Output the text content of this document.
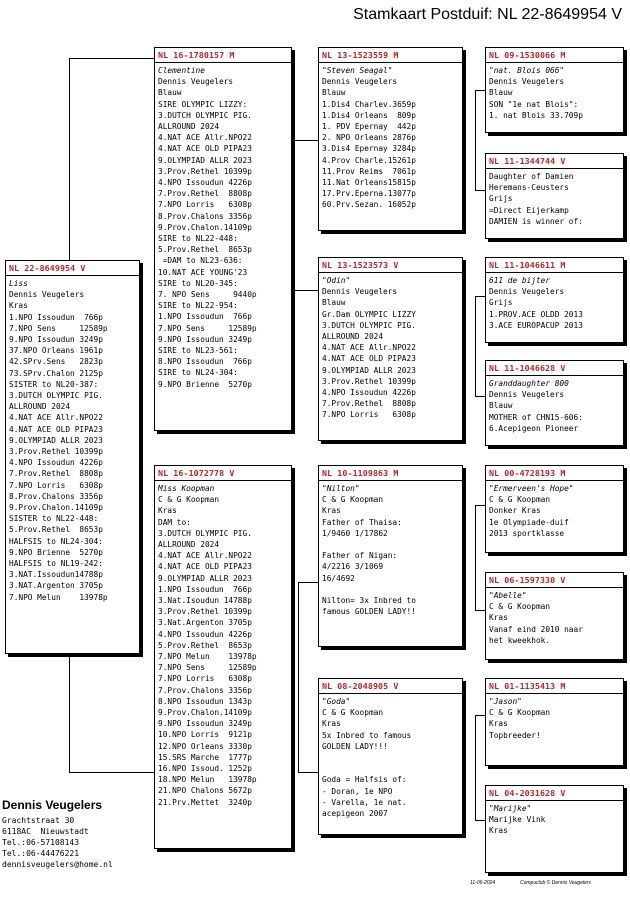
Stamkaart Postduif: NL 22-8649954 V
NL 22-8649954 V
Liss
Dennis Veugelers
Kras
1.NPO Issoudun  766p
7.NPO Sens     12589p
9.NPO Issoudun 3249p
37.NPO Orleans 1961p
42.SPrv.Sens   2823p
73.SPrv.Chalon 2125p
SISTER to NL20-387:
3.DUTCH OLYMPIC PIG.
ALLROUND 2024
4.NAT ACE Allr.NPO22
4.NAT ACE OLD PIPA23
9.OLYMPIAD ALLR 2023
3.Prov.Rethel 10399p
4.NPO Issoudun 4226p
7.Prov.Rethel  8808p
7.NPO Lorris   6308p
8.Prov.Chalons 3356p
9.Prov.Chalon.14109p
SISTER to NL22-448:
5.Prov.Rethel  8653p
HALFSIS to NL24-304:
9.NPO Brienne  5270p
HALFSIS to NL19-242:
3.NAT.Issoudun14788p
3.NAT.Argenton 3705p
7.NPO Melun    13978p
NL 16-1780157 M
Clementine
Dennis Veugelers
Blauw
SIRE OLYMPIC LIZZY:
3.DUTCH OLYMPIC PIG.
ALLROUND 2024
4.NAT ACE Allr.NPO22
4.NAT ACE OLD PIPA23
9.OLYMPIAD ALLR 2023
3.Prov.Rethel 10399p
4.NPO Issoudun 4226p
7.Prov.Rethel  8808p
7.NPO Lorris   6308p
8.Prov.Chalons 3356p
9.Prov.Chalon.14109p
SIRE to NL22-448:
5.Prov.Rethel  8653p
=DAM to NL23-636:
10.NAT ACE YOUNG'23
SIRE to NL20-345:
7. NPO Sens     9440p
SIRE to NL22-954:
1.NPO Issoudun  766p
7.NPO Sens     12589p
9.NPO Issoudun 3249p
SIRE to NL23-561:
8.NPO Issoudun  766p
SIRE to NL24-304:
9.NPO Brienne  5270p
NL 16-1072778 V
Miss Koopman
C & G Koopman
Kras
DAM to:
3.DUTCH OLYMPIC PIG.
ALLROUND 2024
4.NAT ACE Allr.NPO22
4.NAT ACE OLD PIPA23
9.OLYMPIAD ALLR 2023
1.NPO Issoudun  766p
3.Nat.Isoudun 14788p
3.Prov.Rethel 10399p
3.Nat.Argenton 3705p
4.NPO Issoudun 4226p
5.Prov.Rethel  8653p
7.NPO Melun    13978p
7.NPO Sens     12589p
7.NPO Lorris   6308p
7.Prov.Chalons 3356p
8.NPO Issoudun 1343p
9.Prov.Chalon.14109p
9.NPO Issoudun 3249p
10.NPO Lorris  9121p
12.NPO Orleans 3330p
15.SRS Marche  1777p
16.NPO Issoud. 1252p
18.NPO Melun   13978p
21.NPO Chalons 5672p
21.Prv.Mettet  3240p
NL 13-1523559 M
"Steven Seagal"
Dennis Veugelers
Blauw
1.Dis4 Charlev.3659p
1.Dis4 Orleans  809p
1. PDV Epernay  442p
2. NPO Orleans 2876p
3.Dis4 Epernay 3284p
4.Prov Charle.15261p
11.Prov Reims  7061p
11.Nat Orleans15815p
17.Prv.Eperna.13077p
60.Prv.Sezan. 16052p
NL 13-1523573 V
"Odin"
Dennis Veugelers
Blauw
Gr.Dam OLYMPIC LIZZY
3.DUTCH OLYMPIC PIG.
ALLROUND 2024
4.NAT ACE Allr.NPO22
4.NAT ACE OLD PIPA23
9.OLYMPIAD ALLR 2023
3.Prov.Rethel 10399p
4.NPO Issoudun 4226p
7.Prov.Rethel  8808p
7.NPO Lorris   6308p
NL 10-1109863 M
"Nilton"
C & G Koopman
Kras
Father of Thaisa:
1/9460 1/17862
Father of Nigan:
4/2216 3/1069
16/4692
Nilton= 3x Inbred to
famous GOLDEN LADY!!
NL 08-2048905 V
"Goda"
C & G Koopman
Kras
5x Inbred to famous
GOLDEN LADY!!!
Goda = Halfsis of:
- Doran, 1e NPO
- Varella, 1e nat.
acepigeon 2007
NL 09-1530066 M
"nat. Blois 066"
Dennis Veugelers
Blauw
SON "1e nat Blois":
1. nat Blois 33.709p
NL 11-1344744 V
Daughter of Damien
Heremans-Ceusters
Grijs
=Direct Eijerkamp
DAMIEN is winner of:
NL 11-1046611 M
611 de bijter
Dennis Veugelers
Grijs
1.PROV.ACE OLDD 2013
3.ACE EUROPACUP 2013
NL 11-1046628 V
Granddaughter 800
Dennis Veugelers
Blauw
MOTHER of CHN15-606:
6.Acepigeon Pioneer
NL 00-4728193 M
"Ermerveen's Hope"
C & G Koopman
Donker Kras
1e Olympiade-duif
2013 sportklasse
NL 06-1597330 V
"Abelle"
C & G Koopman
Kras
Vanaf eind 2010 naar
het kweekhok.
NL 01-1135413 M
"Jason"
C & G Koopman
Kras
Topbreeder!
NL 04-2031628 V
"Marijke"
Marijke Vink
Kras
Dennis Veugelers
Grachtstraat 30
6118AC  Nieuwstadt
Tel.:06-57108143
Tel.:06-44476221
dennisveugelers@home.nl
11-06-2024	Compuclub © Dennis Veugelers
